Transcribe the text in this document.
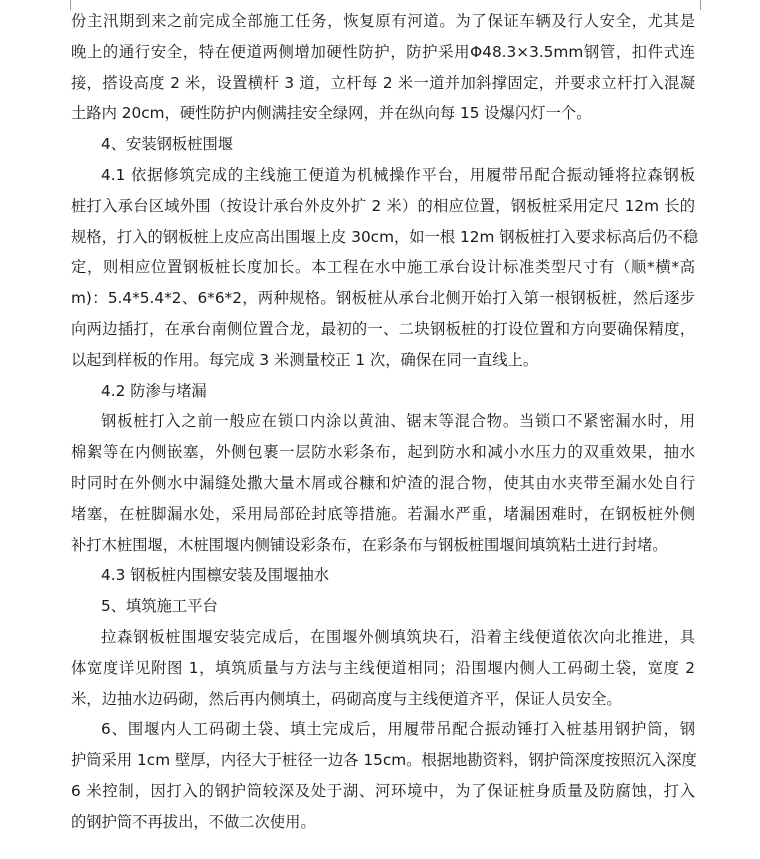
份主汛期到来之前完成全部施工任务，恢复原有河道。为了保证车辆及行人安全，尤其是
晚上的通行安全，特在便道两侧增加硬性防护，防护采用Φ48.3×3.5mm钢管，扣件式连
接，搭设高度 2 米，设置横杆 3 道，立杆每 2 米一道并加斜撑固定，并要求立杆打入混凝
土路内 20cm，硬性防护内侧满挂安全绿网，并在纵向每 15 设爆闪灯一个。
4、安装钢板桩围堰
4.1 依据修筑完成的主线施工便道为机械操作平台，用履带吊配合振动锤将拉森钢板
桩打入承台区域外围（按设计承台外皮外扩 2 米）的相应位置，钢板桩采用定尺 12m 长的
规格，打入的钢板桩上皮应高出围堰上皮 30cm，如一根 12m 钢板桩打入要求标高后仍不稳
定，则相应位置钢板桩长度加长。本工程在水中施工承台设计标准类型尺寸有（顺*横*高
m)：5.4*5.4*2、6*6*2，两种规格。钢板桩从承台北侧开始打入第一根钢板桩，然后逐步
向两边插打，在承台南侧位置合龙，最初的一、二块钢板桩的打设位置和方向要确保精度，
以起到样板的作用。每完成 3 米测量校正 1 次，确保在同一直线上。
4.2 防渗与堵漏
钢板桩打入之前一般应在锁口内涂以黄油、锯末等混合物。当锁口不紧密漏水时，用
棉絮等在内侧嵌塞，外侧包裹一层防水彩条布，起到防水和减小水压力的双重效果，抽水
时同时在外侧水中漏缝处撒大量木屑或谷糠和炉渣的混合物，使其由水夹带至漏水处自行
堵塞，在桩脚漏水处，采用局部砼封底等措施。若漏水严重，堵漏困难时，在钢板桩外侧
补打木桩围堰，木桩围堰内侧铺设彩条布，在彩条布与钢板桩围堰间填筑粘土进行封堵。
4.3 钢板桩内围檩安装及围堰抽水
5、填筑施工平台
拉森钢板桩围堰安装完成后，在围堰外侧填筑块石，沿着主线便道依次向北推进，具
体宽度详见附图 1，填筑质量与方法与主线便道相同；沿围堰内侧人工码砌土袋，宽度 2
米，边抽水边码砌，然后再内侧填土，码砌高度与主线便道齐平，保证人员安全。
6、围堰内人工码砌土袋、填土完成后，用履带吊配合振动锤打入桩基用钢护筒，钢
护筒采用 1cm 壁厚，内径大于桩径一边各 15cm。根据地勘资料，钢护筒深度按照沉入深度
6 米控制，因打入的钢护筒较深及处于湖、河环境中，为了保证桩身质量及防腐蚀，打入
的钢护筒不再拔出，不做二次使用。
